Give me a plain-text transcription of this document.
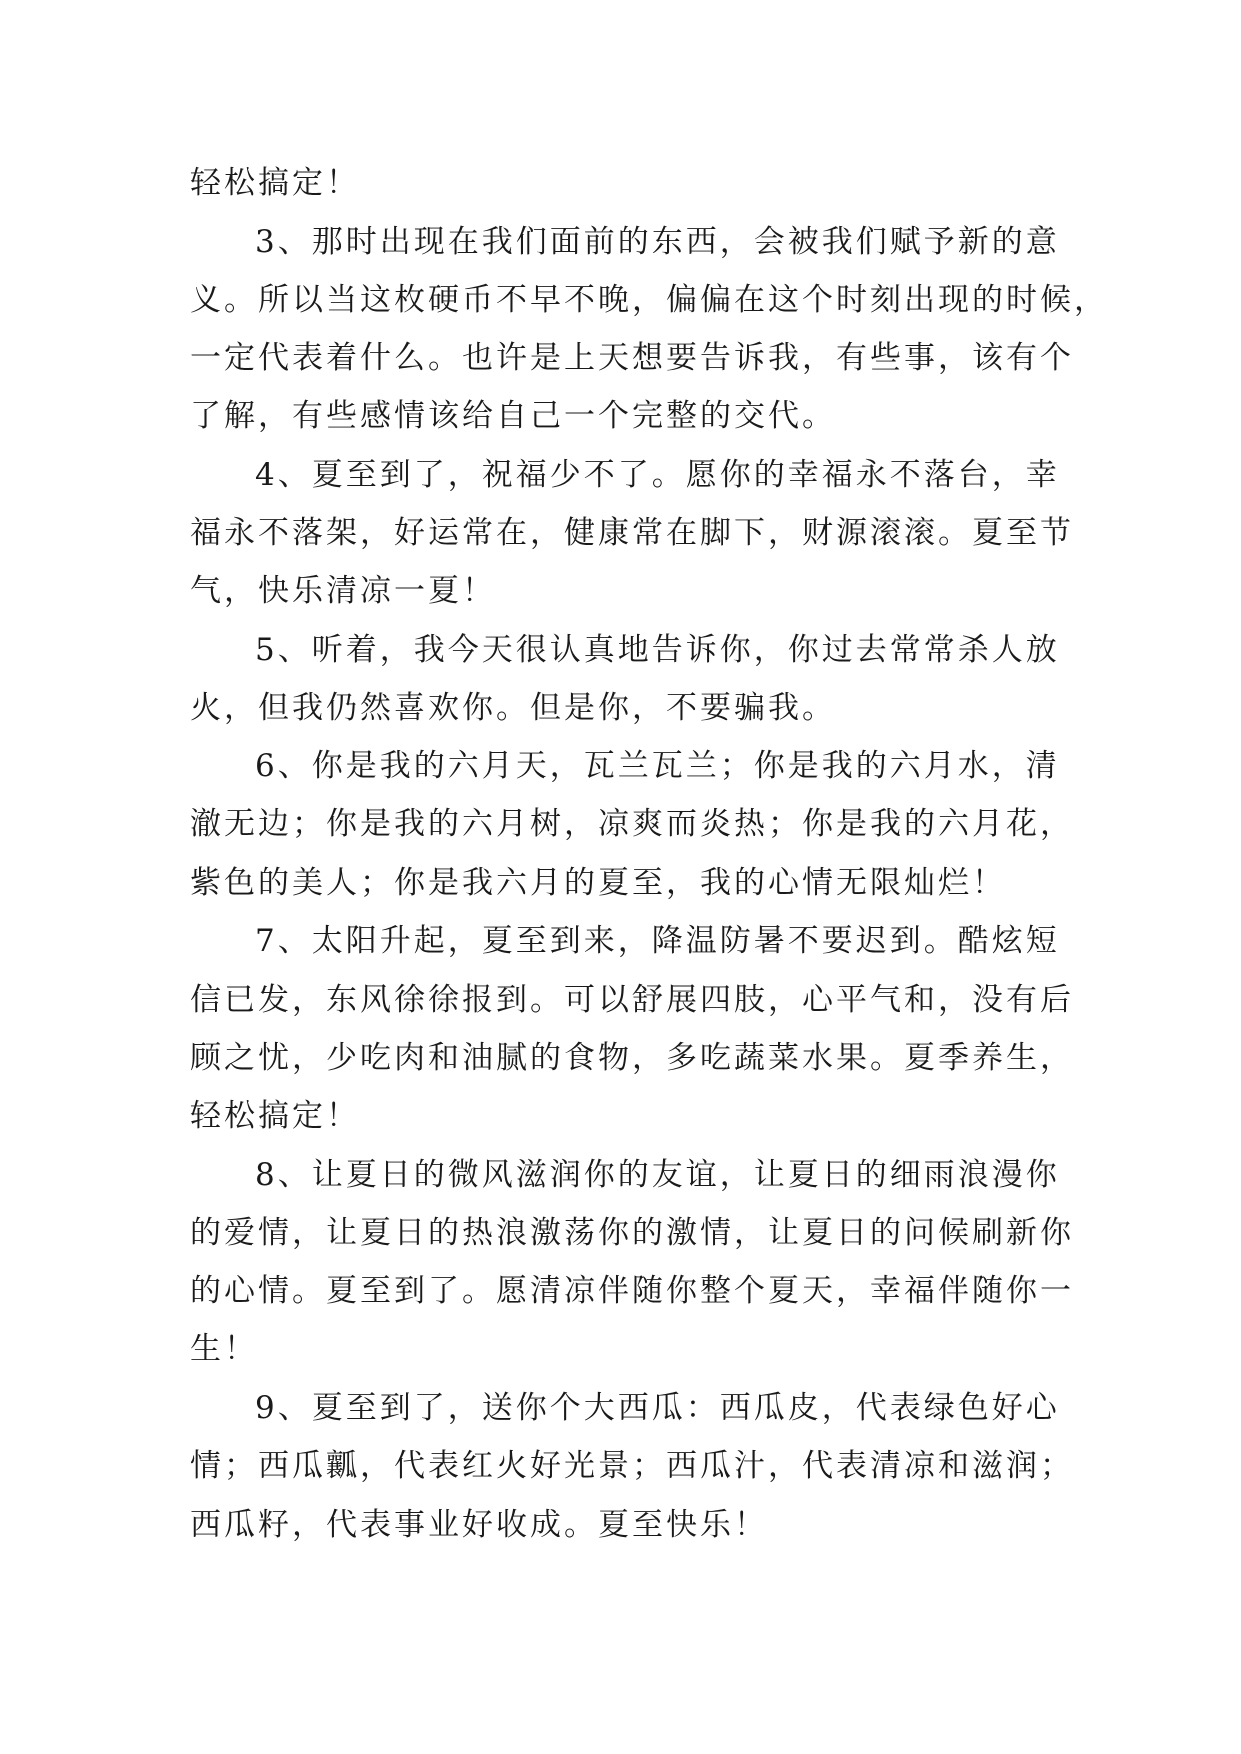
轻松搞定！
3、那时出现在我们面前的东西，会被我们赋予新的意
义。所以当这枚硬币不早不晚，偏偏在这个时刻出现的时候，
一定代表着什么。也许是上天想要告诉我，有些事，该有个
了解，有些感情该给自己一个完整的交代。
4、夏至到了，祝福少不了。愿你的幸福永不落台，幸
福永不落架，好运常在，健康常在脚下，财源滚滚。夏至节
气，快乐清凉一夏！
5、听着，我今天很认真地告诉你，你过去常常杀人放
火，但我仍然喜欢你。但是你，不要骗我。
6、你是我的六月天，瓦兰瓦兰；你是我的六月水，清
澈无边；你是我的六月树，凉爽而炎热；你是我的六月花，
紫色的美人；你是我六月的夏至，我的心情无限灿烂！
7、太阳升起，夏至到来，降温防暑不要迟到。酷炫短
信已发，东风徐徐报到。可以舒展四肢，心平气和，没有后
顾之忧，少吃肉和油腻的食物，多吃蔬菜水果。夏季养生，
轻松搞定！
8、让夏日的微风滋润你的友谊，让夏日的细雨浪漫你
的爱情，让夏日的热浪激荡你的激情，让夏日的问候刷新你
的心情。夏至到了。愿清凉伴随你整个夏天，幸福伴随你一
生！
9、夏至到了，送你个大西瓜：西瓜皮，代表绿色好心
情；西瓜瓤，代表红火好光景；西瓜汁，代表清凉和滋润；
西瓜籽，代表事业好收成。夏至快乐！
